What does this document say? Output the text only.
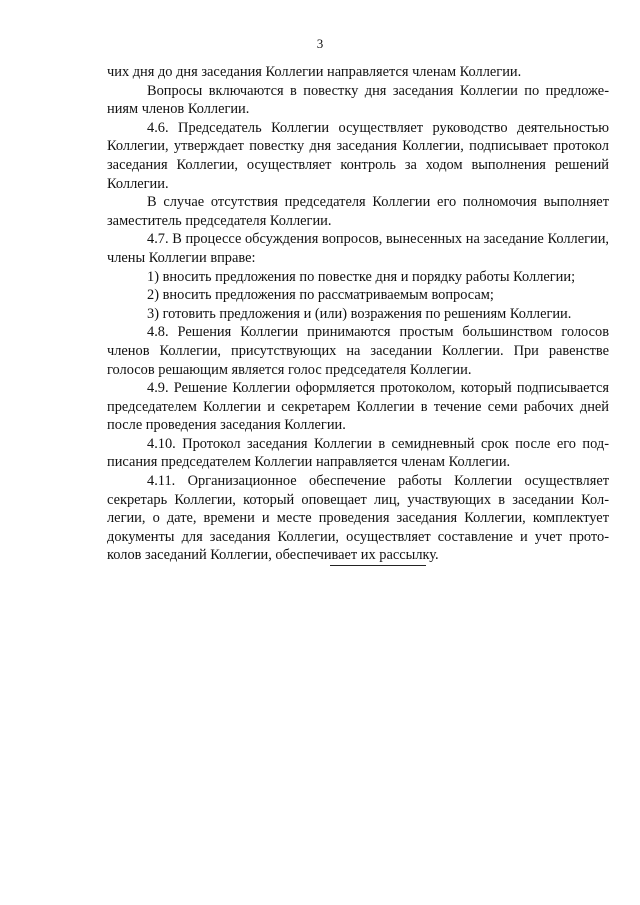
3

чих дня до дня заседания Коллегии направляется членам Коллегии.

Вопросы включаются в повестку дня заседания Коллегии по предложениям членов Коллегии.

4.6. Председатель Коллегии осуществляет руководство деятельностью Коллегии, утверждает повестку дня заседания Коллегии, подписывает протокол заседания Коллегии, осуществляет контроль за ходом выполнения решений Коллегии.

В случае отсутствия председателя Коллегии его полномочия выполняет заместитель председателя Коллегии.

4.7. В процессе обсуждения вопросов, вынесенных на заседание Коллегии, члены Коллегии вправе:

1) вносить предложения по повестке дня и порядку работы Коллегии;

2) вносить предложения по рассматриваемым вопросам;

3) готовить предложения и (или) возражения по решениям Коллегии.

4.8. Решения Коллегии принимаются простым большинством голосов членов Коллегии, присутствующих на заседании Коллегии. При равенстве голосов решающим является голос председателя Коллегии.

4.9. Решение Коллегии оформляется протоколом, который подписывается председателем Коллегии и секретарем Коллегии в течение семи рабочих дней после проведения заседания Коллегии.

4.10. Протокол заседания Коллегии в семидневный срок после его подписания председателем Коллегии направляется членам Коллегии.

4.11. Организационное обеспечение работы Коллегии осуществляет секретарь Коллегии, который оповещает лиц, участвующих в заседании Коллегии, о дате, времени и месте проведения заседания Коллегии, комплектует документы для заседания Коллегии, осуществляет составление и учет протоколов заседаний Коллегии, обеспечивает их рассылку.
